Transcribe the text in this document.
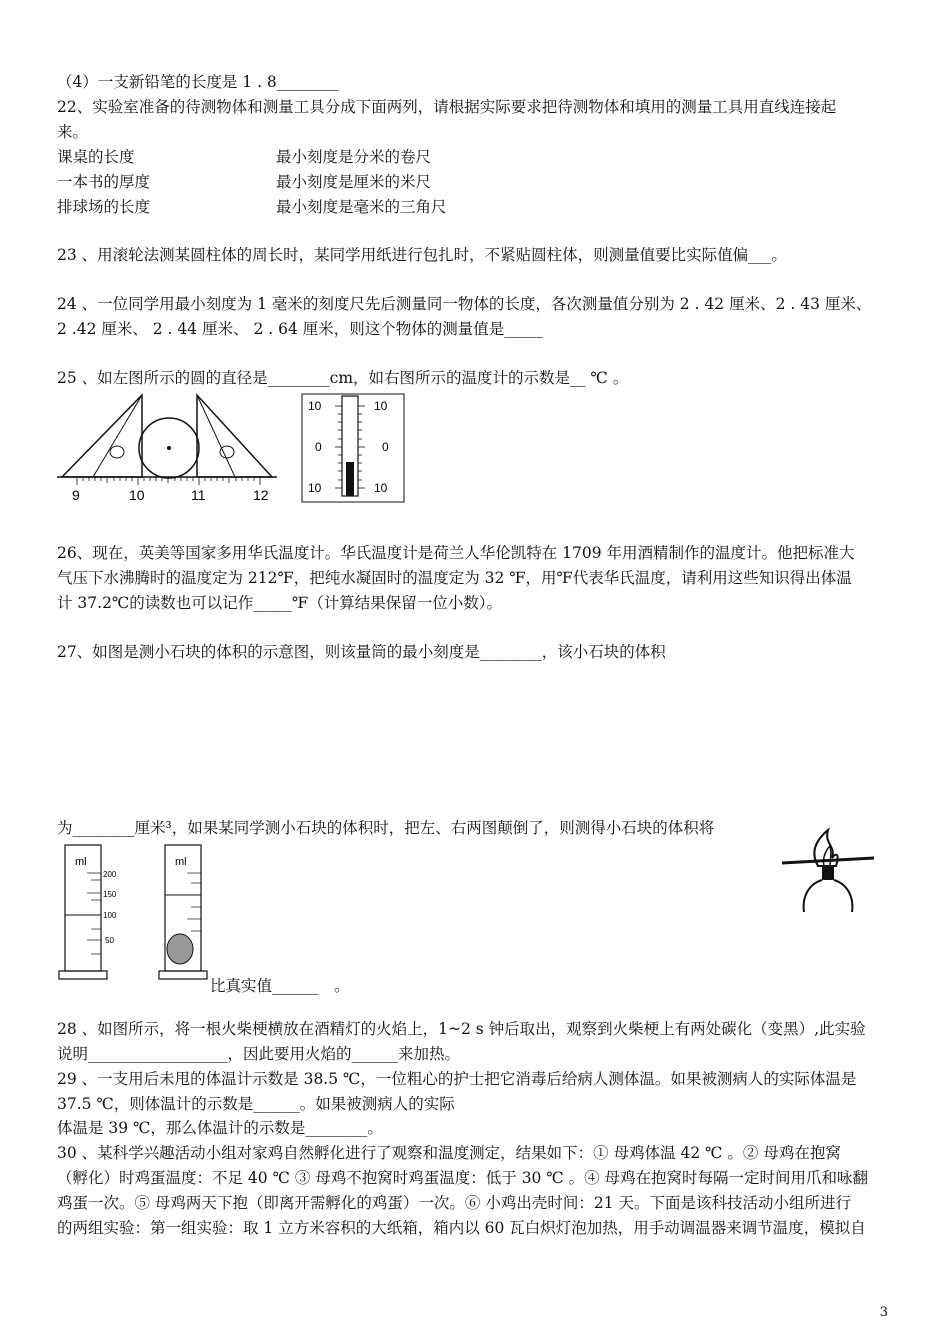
（4）一支新铅笔的长度是 1 . 8________
22、实验室准备的待测物体和测量工具分成下面两列，请根据实际要求把待测物体和填用的测量工具用直线连接起
来。
课桌的长度	最小刻度是分米的卷尺
一本书的厚度	最小刻度是厘米的米尺
排球场的长度	最小刻度是毫米的三角尺
23 、用滚轮法测某圆柱体的周长时，某同学用纸进行包扎时，不紧贴圆柱体，则测量值要比实际值偏___。
24 、一位同学用最小刻度为 1 毫米的刻度尺先后测量同一物体的长度，各次测量值分别为 2 . 42 厘米、2 . 43 厘米、
2 .42 厘米、 2 . 44 厘米、 2 . 64 厘米，则这个物体的测量值是_____
25 、如左图所示的圆的直径是________cm，如右图所示的温度计的示数是__ ℃ 。
9	10	11	12
10
0
10
10
0
10
26、现在，英美等国家多用华氏温度计。华氏温度计是荷兰人华伦凯特在 1709 年用酒精制作的温度计。他把标准大
气压下水沸腾时的温度定为 212℉，把纯水凝固时的温度定为 32 ℉，用℉代表华氏温度，请利用这些知识得出体温
计 37.2℃的读数也可以记作_____℉（计算结果保留一位小数）。
27、如图是测小石块的体积的示意图，则该量筒的最小刻度是________，该小石块的体积
为________厘米³，如果某同学测小石块的体积时，把左、右两图颠倒了，则测得小石块的体积将
ml
200
150
100
50
ml
比真实值______　。
28 、如图所示，将一根火柴梗横放在酒精灯的火焰上，1~2 s 钟后取出，观察到火柴梗上有两处碳化（变黑）,此实验
说明__________________，因此要用火焰的______来加热。
29 、一支用后未甩的体温计示数是 38.5 ℃，一位粗心的护士把它消毒后给病人测体温。如果被测病人的实际体温是
37.5 ℃，则体温计的示数是______。如果被测病人的实际
体温是 39 ℃，那么体温计的示数是________。
30 、某科学兴趣活动小组对家鸡自然孵化进行了观察和温度测定，结果如下：① 母鸡体温 42 ℃ 。② 母鸡在抱窝
（孵化）时鸡蛋温度：不足 40 ℃ ③ 母鸡不抱窝时鸡蛋温度：低于 30 ℃ 。④ 母鸡在抱窝时每隔一定时间用爪和咏翻
鸡蛋一次。⑤ 母鸡两天下抱（即离开需孵化的鸡蛋）一次。⑥ 小鸡出壳时间：21 天。下面是该科技活动小组所进行
的两组实验：第一组实验：取 1 立方米容积的大纸箱，箱内以 60 瓦白炽灯泡加热，用手动调温器来调节温度，模拟自
3
